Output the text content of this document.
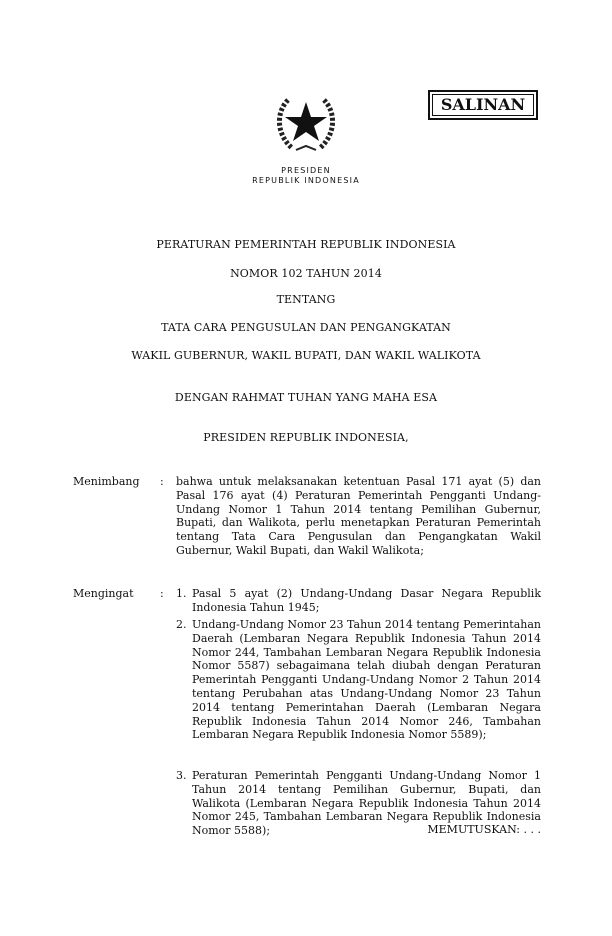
PRESIDEN
REPUBLIK INDONESIA
SALINAN
PERATURAN PEMERINTAH REPUBLIK INDONESIA
NOMOR 102 TAHUN 2014
TENTANG
TATA CARA PENGUSULAN DAN PENGANGKATAN
WAKIL GUBERNUR, WAKIL BUPATI, DAN WAKIL WALIKOTA
DENGAN RAHMAT TUHAN YANG MAHA ESA
PRESIDEN REPUBLIK INDONESIA,
Menimbang : bahwa untuk melaksanakan ketentuan Pasal 171 ayat (5) dan Pasal 176 ayat (4) Peraturan Pemerintah Pengganti Undang-Undang Nomor 1 Tahun 2014 tentang Pemilihan Gubernur, Bupati, dan Walikota, perlu menetapkan Peraturan Pemerintah tentang Tata Cara Pengusulan dan Pengangkatan Wakil Gubernur, Wakil Bupati, dan Wakil Walikota;
Mengingat : 1. Pasal 5 ayat (2) Undang-Undang Dasar Negara Republik Indonesia Tahun 1945;
2. Undang-Undang Nomor 23 Tahun 2014 tentang Pemerintahan Daerah (Lembaran Negara Republik Indonesia Tahun 2014 Nomor 244, Tambahan Lembaran Negara Republik Indonesia Nomor 5587) sebagaimana telah diubah dengan Peraturan Pemerintah Pengganti Undang-Undang Nomor 2 Tahun 2014 tentang Perubahan atas Undang-Undang Nomor 23 Tahun 2014 tentang Pemerintahan Daerah (Lembaran Negara Republik Indonesia Tahun 2014 Nomor 246, Tambahan Lembaran Negara Republik Indonesia Nomor 5589);
3. Peraturan Pemerintah Pengganti Undang-Undang Nomor 1 Tahun 2014 tentang Pemilihan Gubernur, Bupati, dan Walikota (Lembaran Negara Republik Indonesia Tahun 2014 Nomor 245, Tambahan Lembaran Negara Republik Indonesia Nomor 5588);	MEMUTUSKAN: . . .
